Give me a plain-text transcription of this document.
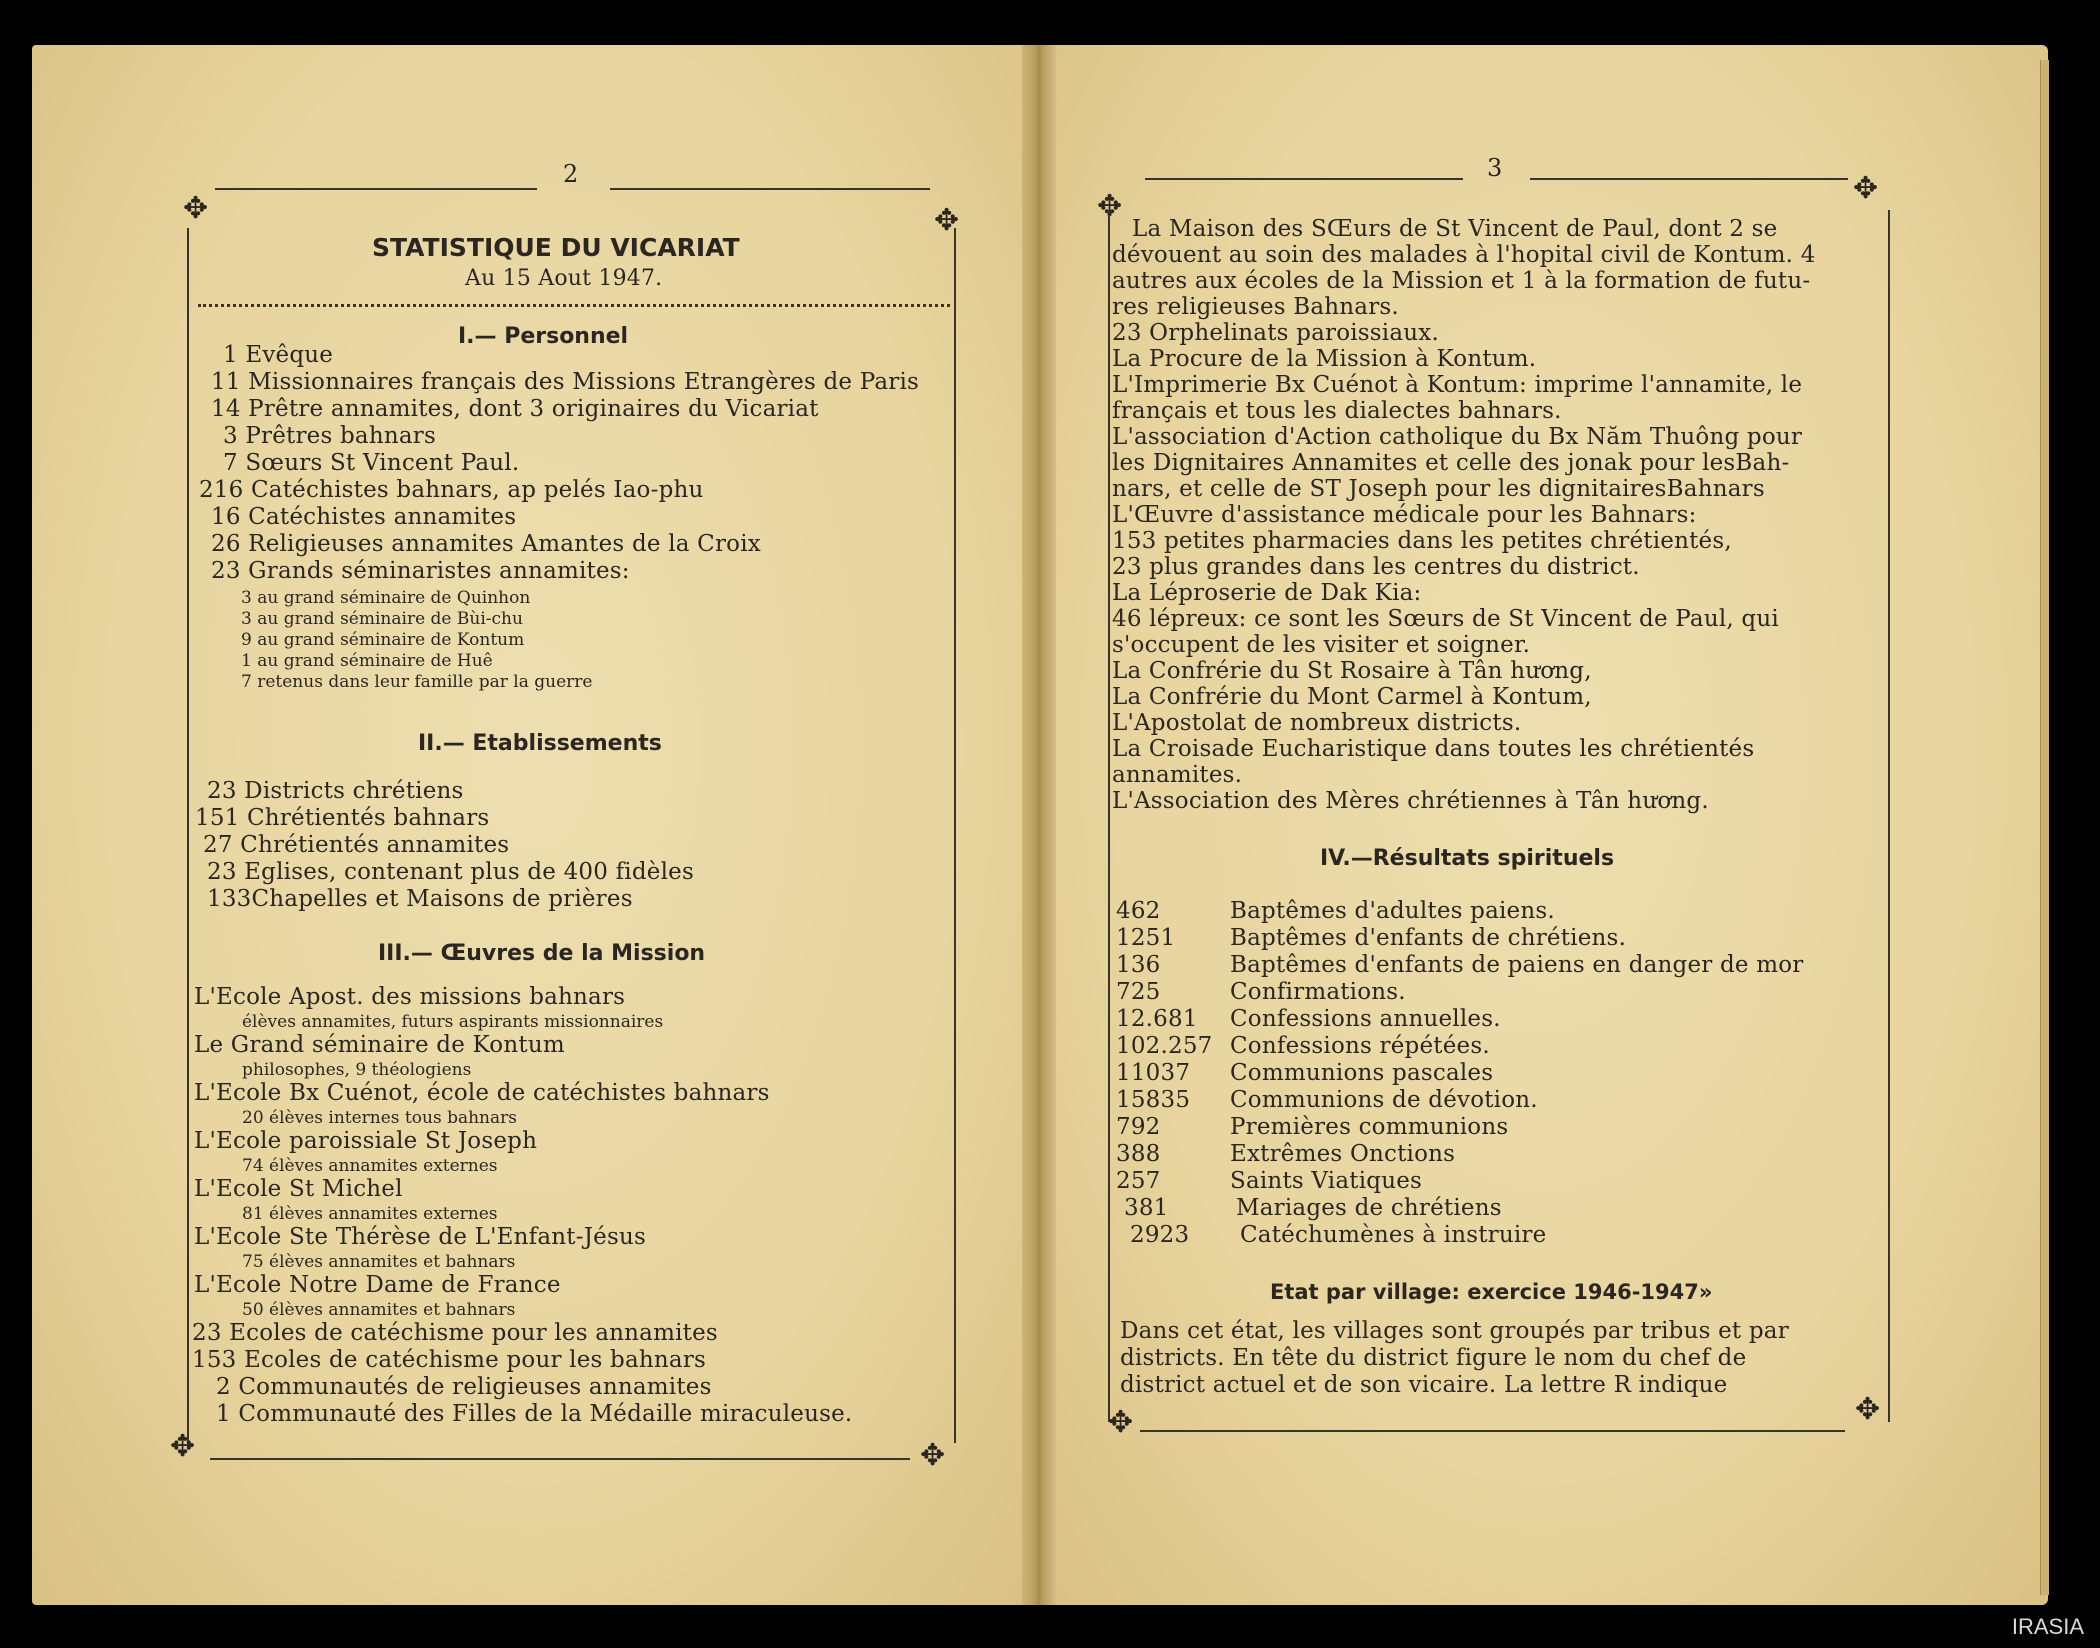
2
✥	✥
✥	✥
STATISTIQUE DU VICARIAT
Au 15 Aout 1947.
I.— Personnel
1 Evêque
11 Missionnaires français des Missions Etrangères de Paris
14 Prêtre annamites, dont 3 originaires du Vicariat
3 Prêtres bahnars
7 Sœurs St Vincent Paul.
216 Catéchistes bahnars, ap pelés Iao-phu
16 Catéchistes annamites
26 Religieuses annamites Amantes de la Croix
23 Grands séminaristes annamites:
3 au grand séminaire de Quinhon
3 au grand séminaire de Bùi-chu
9 au grand séminaire de Kontum
1 au grand séminaire de Huê
7 retenus dans leur famille par la guerre
II.— Etablissements
23 Districts chrétiens
151 Chrétientés bahnars
27 Chrétientés annamites
23 Eglises, contenant plus de 400 fidèles
133Chapelles et Maisons de prières
III.— Œuvres de la Mission
L'Ecole Apost. des missions bahnars
élèves annamites, futurs aspirants missionnaires
Le Grand séminaire de Kontum
philosophes, 9 théologiens
L'Ecole Bx Cuénot, école de catéchistes bahnars
20 élèves internes tous bahnars
L'Ecole paroissiale St Joseph
74 élèves annamites externes
L'Ecole St Michel
81 élèves annamites externes
L'Ecole Ste Thérèse de L'Enfant-Jésus
75 élèves annamites et bahnars
L'Ecole Notre Dame de France
50 élèves annamites et bahnars
23 Ecoles de catéchisme pour les annamites
153 Ecoles de catéchisme pour les bahnars
2 Communautés de religieuses annamites
1 Communauté des Filles de la Médaille miraculeuse.
3
✥
✥
✥	✥
La Maison des SŒurs de St Vincent de Paul, dont 2 se
dévouent au soin des malades à l'hopital civil de Kontum. 4
autres aux écoles de la Mission et 1 à la formation de futu-
res religieuses Bahnars.
23 Orphelinats paroissiaux.
La Procure de la Mission à Kontum.
L'Imprimerie Bx Cuénot à Kontum: imprime l'annamite, le
français et tous les dialectes bahnars.
L'association d'Action catholique du Bx Năm Thuông pour
les Dignitaires Annamites et celle des jonak pour lesBah-
nars, et celle de ST Joseph pour les dignitairesBahnars
L'Œuvre d'assistance médicale pour les Bahnars:
153 petites pharmacies dans les petites chrétientés,
23 plus grandes dans les centres du district.
La Léproserie de Dak Kia:
46 lépreux: ce sont les Sœurs de St Vincent de Paul, qui
s'occupent de les visiter et soigner.
La Confrérie du St Rosaire à Tân hương,
La Confrérie du Mont Carmel à Kontum,
L'Apostolat de nombreux districts.
La Croisade Eucharistique dans toutes les chrétientés
annamites.
L'Association des Mères chrétiennes à Tân hương.
IV.—Résultats spirituels
462	Baptêmes d'adultes paiens.
1251	Baptêmes d'enfants de chrétiens.
136	Baptêmes d'enfants de paiens en danger de mor
725	Confirmations.
12.681	Confessions annuelles.
102.257 Confessions répétées.
11037	Communions pascales
15835	Communions de dévotion.
792	Premières communions
388	Extrêmes Onctions
257	Saints Viatiques
381	Mariages de chrétiens
2923	Catéchumènes à instruire
Etat par village: exercice 1946-1947»
Dans cet état, les villages sont groupés par tribus et par
districts. En tête du district figure le nom du chef de
district actuel et de son vicaire. La lettre R indique
IRASIA
